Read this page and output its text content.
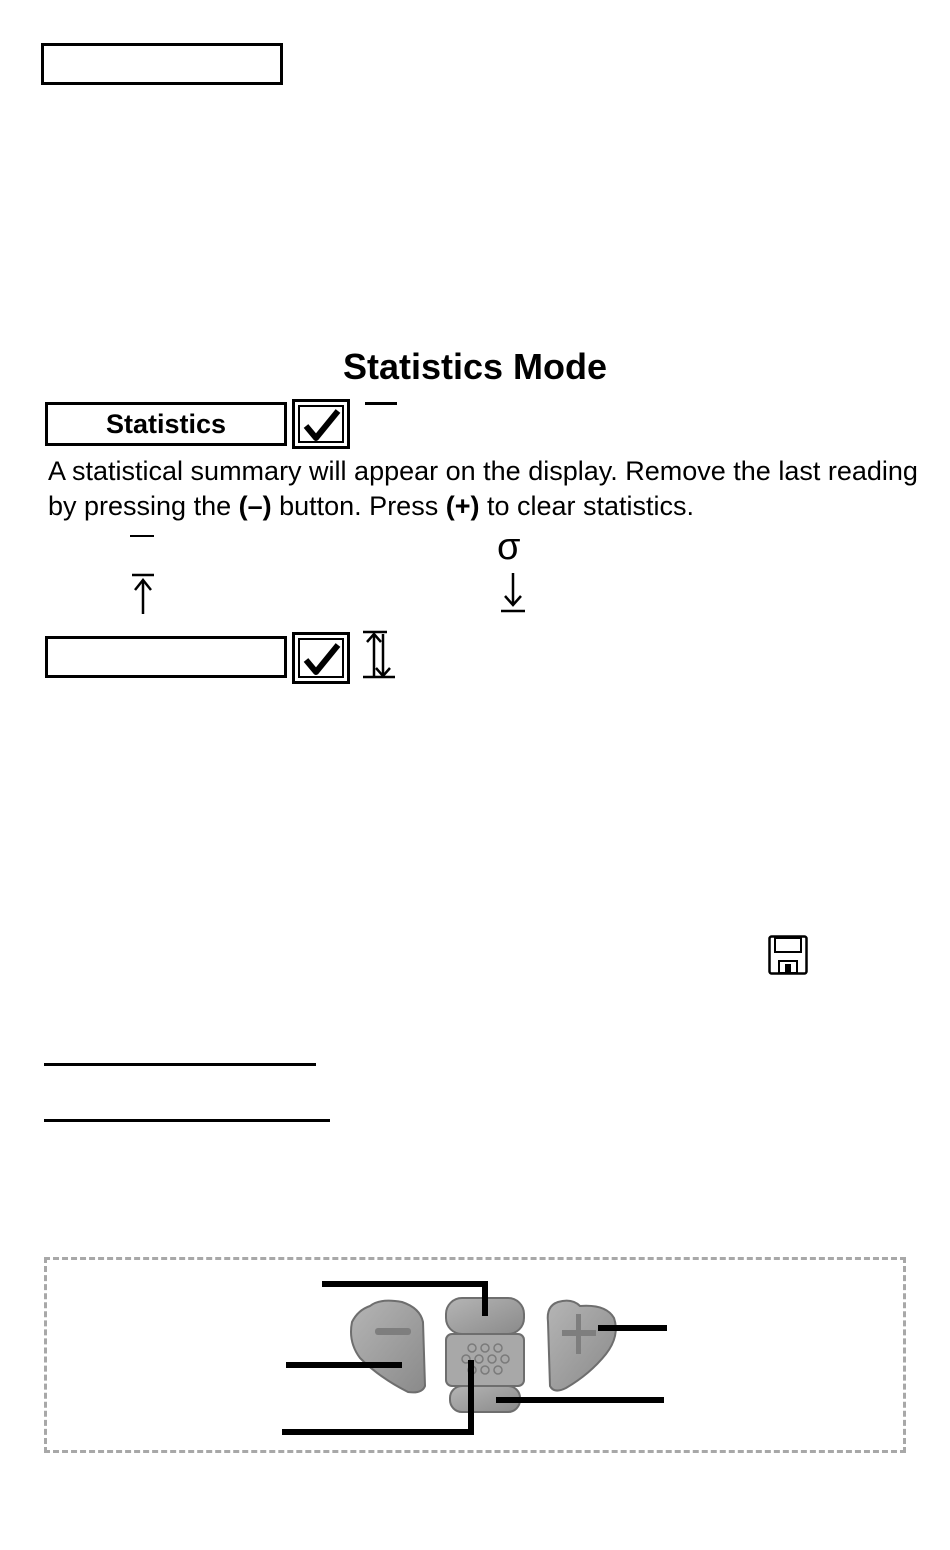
Statistics Mode
Statistics
A statistical summary will appear on the display. Remove the last reading by pressing the (–) button. Press (+) to clear statistics.
σ
